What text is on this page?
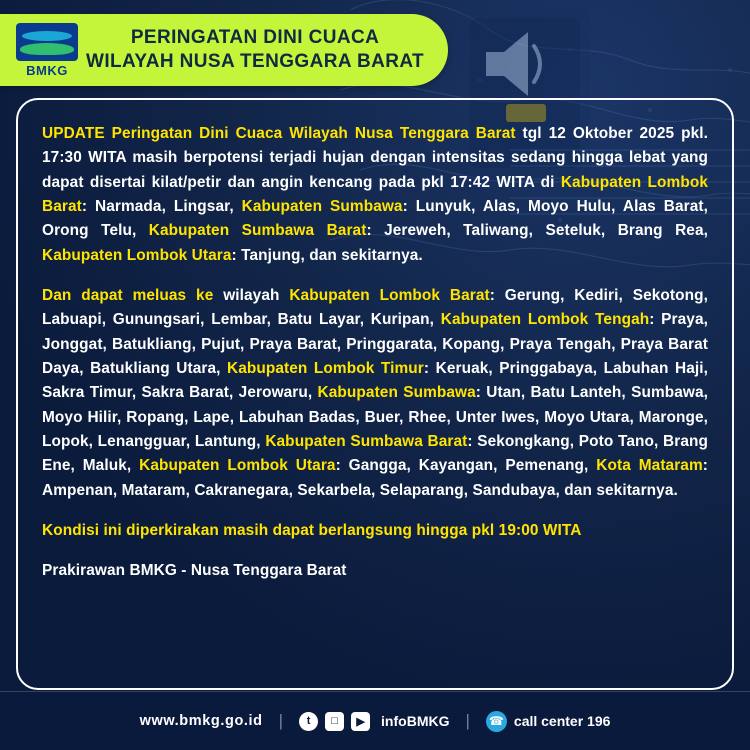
BMKG
PERINGATAN DINI CUACA
WILAYAH NUSA TENGGARA BARAT

UPDATE Peringatan Dini Cuaca Wilayah Nusa Tenggara Barat tgl 12 Oktober 2025 pkl. 17:30 WITA masih berpotensi terjadi hujan dengan intensitas sedang hingga lebat yang dapat disertai kilat/petir dan angin kencang pada pkl 17:42 WITA di Kabupaten Lombok Barat: Narmada, Lingsar, Kabupaten Sumbawa: Lunyuk, Alas, Moyo Hulu, Alas Barat, Orong Telu, Kabupaten Sumbawa Barat: Jereweh, Taliwang, Seteluk, Brang Rea, Kabupaten Lombok Utara: Tanjung, dan sekitarnya.

Dan dapat meluas ke wilayah Kabupaten Lombok Barat: Gerung, Kediri, Sekotong, Labuapi, Gunungsari, Lembar, Batu Layar, Kuripan, Kabupaten Lombok Tengah: Praya, Jonggat, Batukliang, Pujut, Praya Barat, Pringgarata, Kopang, Praya Tengah, Praya Barat Daya, Batukliang Utara, Kabupaten Lombok Timur: Keruak, Pringgabaya, Labuhan Haji, Sakra Timur, Sakra Barat, Jerowaru, Kabupaten Sumbawa: Utan, Batu Lanteh, Sumbawa, Moyo Hilir, Ropang, Lape, Labuhan Badas, Buer, Rhee, Unter Iwes, Moyo Utara, Maronge, Lopok, Lenangguar, Lantung, Kabupaten Sumbawa Barat: Sekongkang, Poto Tano, Brang Ene, Maluk, Kabupaten Lombok Utara: Gangga, Kayangan, Pemenang, Kota Mataram: Ampenan, Mataram, Cakranegara, Sekarbela, Selaparang, Sandubaya, dan sekitarnya.

Kondisi ini diperkirakan masih dapat berlangsung hingga pkl 19:00 WITA

Prakirawan BMKG - Nusa Tenggara Barat

www.bmkg.go.id |	t	□	▶	infoBMKG | ☎ call center 196
